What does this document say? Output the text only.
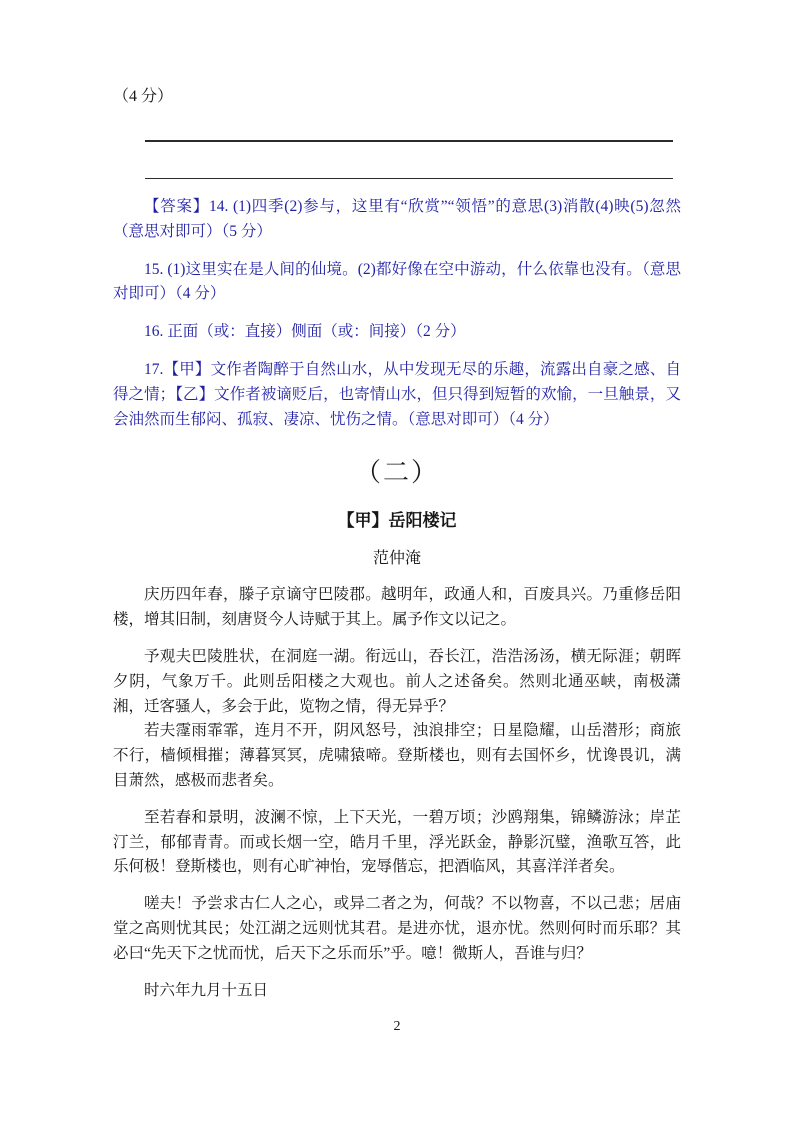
（4 分）

【答案】14. (1)四季(2)参与，这里有“欣赏”“领悟”的意思(3)消散(4)映(5)忽然（意思对即可）（5 分）

15. (1)这里实在是人间的仙境。(2)都好像在空中游动，什么依靠也没有。（意思对即可）（4 分）

16. 正面（或：直接）侧面（或：间接）（2 分）

17.【甲】文作者陶醉于自然山水，从中发现无尽的乐趣，流露出自豪之感、自得之情；【乙】文作者被谪贬后，也寄情山水，但只得到短暂的欢愉，一旦触景，又会油然而生郁闷、孤寂、凄凉、忧伤之情。（意思对即可）（4 分）

（二）
【甲】岳阳楼记
范仲淹

庆历四年春，滕子京谪守巴陵郡。越明年，政通人和，百废具兴。乃重修岳阳楼，增其旧制，刻唐贤今人诗赋于其上。属予作文以记之。

予观夫巴陵胜状，在洞庭一湖。衔远山，吞长江，浩浩汤汤，横无际涯；朝晖夕阴，气象万千。此则岳阳楼之大观也。前人之述备矣。然则北通巫峡，南极潇湘，迁客骚人，多会于此，览物之情，得无异乎？

若夫霪雨霏霏，连月不开，阴风怒号，浊浪排空；日星隐耀，山岳潜形；商旅不行，樯倾楫摧；薄暮冥冥，虎啸猿啼。登斯楼也，则有去国怀乡，忧谗畏讥，满目萧然，感极而悲者矣。

至若春和景明，波澜不惊，上下天光，一碧万顷；沙鸥翔集，锦鳞游泳；岸芷汀兰，郁郁青青。而或长烟一空，皓月千里，浮光跃金，静影沉璧，渔歌互答，此乐何极！登斯楼也，则有心旷神怡，宠辱偕忘，把酒临风，其喜洋洋者矣。

嗟夫！予尝求古仁人之心，或异二者之为，何哉？不以物喜，不以己悲；居庙堂之高则忧其民；处江湖之远则忧其君。是进亦忧，退亦忧。然则何时而乐耶？其必曰“先天下之忧而忧，后天下之乐而乐”乎。噫！微斯人，吾谁与归？

时六年九月十五日

2
